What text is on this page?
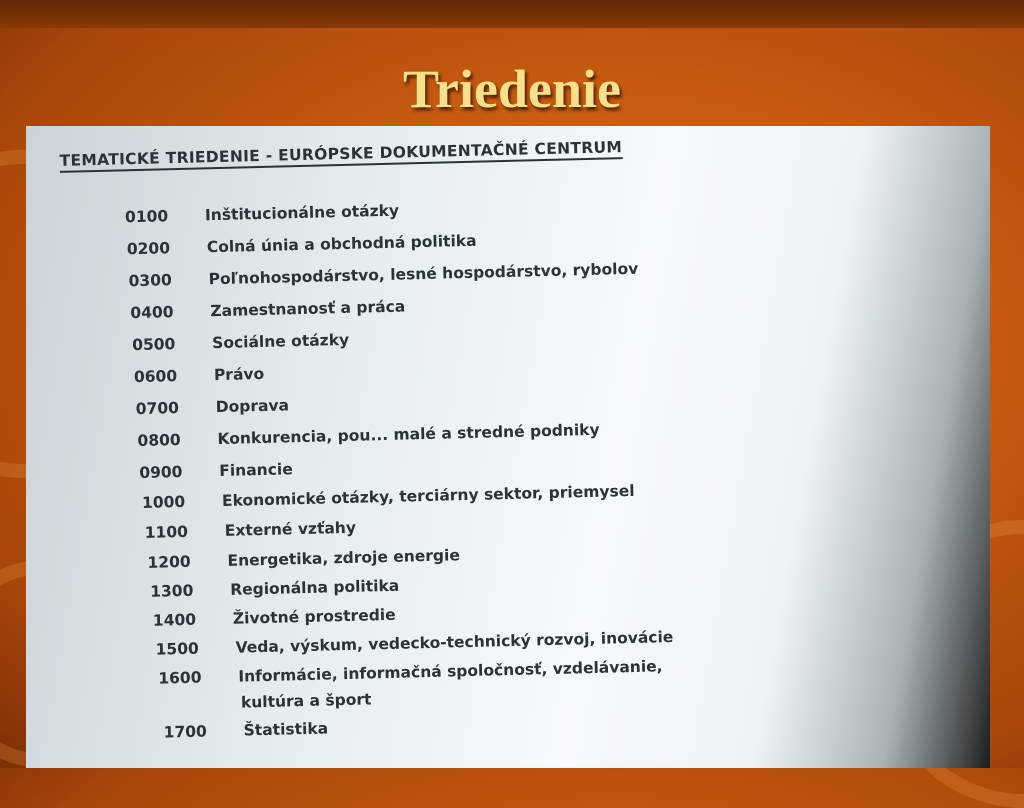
Triedenie
TEMATICKÉ TRIEDENIE - EURÓPSKE DOKUMENTAČNÉ CENTRUM
0100 Inštitucionálne otázky
0200 Colná únia a obchodná politika
0300 Poľnohospodárstvo, lesné hospodárstvo, rybolov
0400 Zamestnanosť a práca
0500 Sociálne otázky
0600 Právo
0700 Doprava
0800 Konkurencia, pou... malé a stredné podniky
0900 Financie
1000 Ekonomické otázky, terciárny sektor, priemysel
1100 Externé vzťahy
1200 Energetika, zdroje energie
1300 Regionálna politika
1400 Životné prostredie
1500 Veda, výskum, vedecko-technický rozvoj, inovácie
1600 Informácie, informačná spoločnosť, vzdelávanie,
kultúra a šport
1700 Štatistika
